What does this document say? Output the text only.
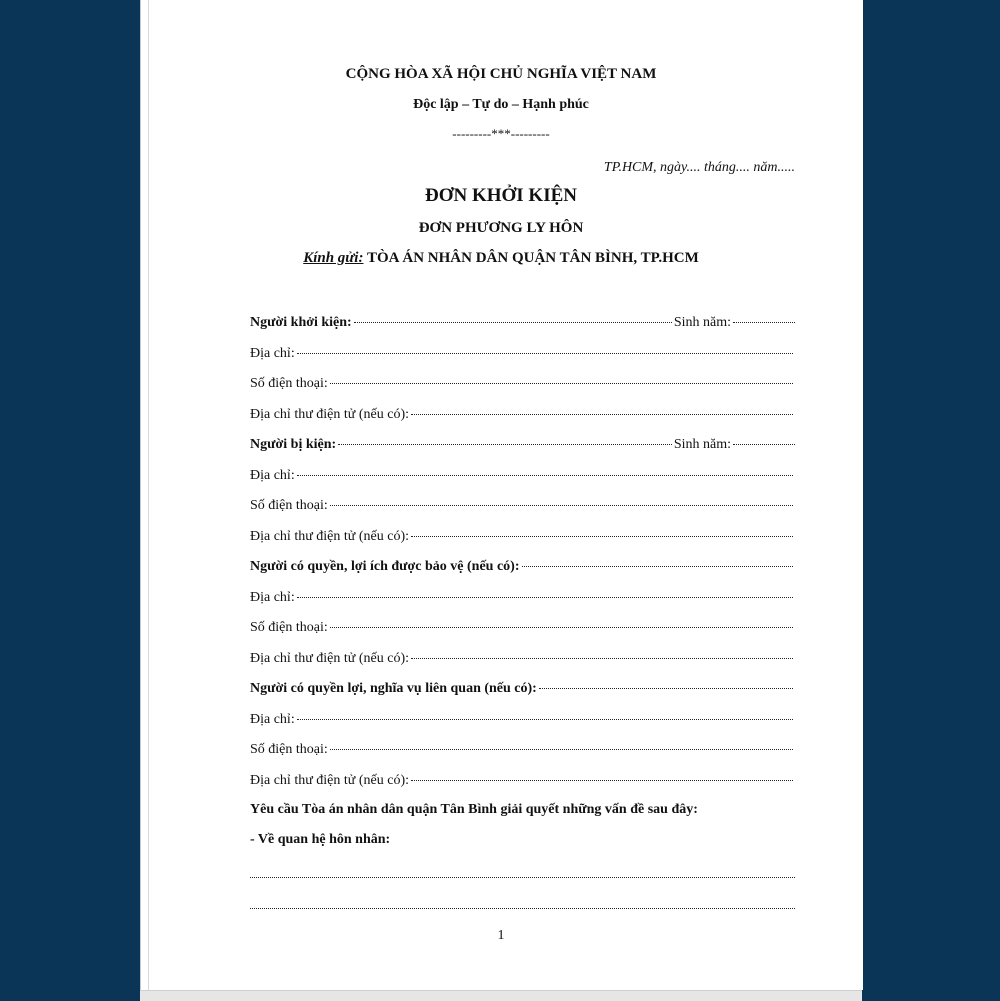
CỘNG HÒA XÃ HỘI CHỦ NGHĨA VIỆT NAM
Độc lập – Tự do – Hạnh phúc
---------***---------
TP.HCM, ngày.... tháng.... năm.....
ĐƠN KHỞI KIỆN
ĐƠN PHƯƠNG LY HÔN
Kính gửi: TÒA ÁN NHÂN DÂN QUẬN TÂN BÌNH, TP.HCM
Người khởi kiện:	Sinh năm:
Địa chỉ:
Số điện thoại:
Địa chỉ thư điện tử (nếu có):
Người bị kiện:	Sinh năm:
Địa chỉ:
Số điện thoại:
Địa chỉ thư điện tử (nếu có):
Người có quyền, lợi ích được bảo vệ (nếu có):
Địa chỉ:
Số điện thoại:
Địa chỉ thư điện tử (nếu có):
Người có quyền lợi, nghĩa vụ liên quan (nếu có):
Địa chỉ:
Số điện thoại:
Địa chỉ thư điện tử (nếu có):
Yêu cầu Tòa án nhân dân quận Tân Bình giải quyết những vấn đề sau đây:
- Về quan hệ hôn nhân:
1
